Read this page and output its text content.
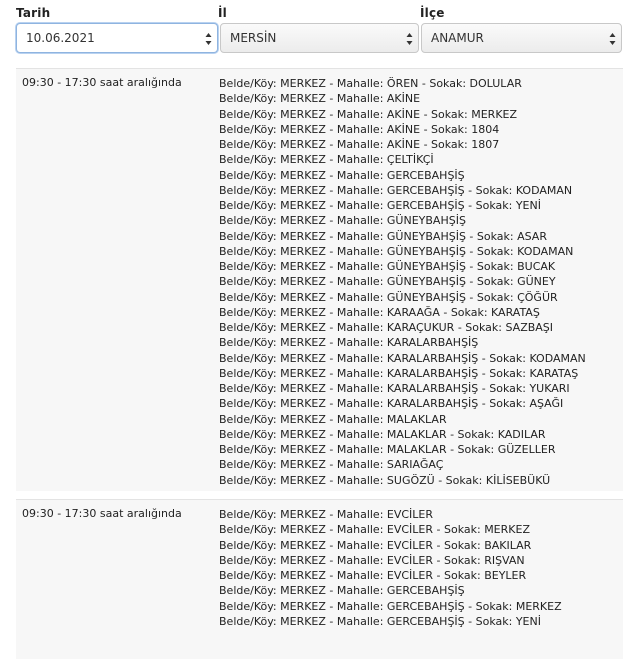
Tarih
10.06.2021
İl
MERSİN
İlçe
ANAMUR
09:30 - 17:30 saat aralığında	Belde/Köy: MERKEZ - Mahalle: ÖREN - Sokak: DOLULAR
Belde/Köy: MERKEZ - Mahalle: AKİNE
Belde/Köy: MERKEZ - Mahalle: AKİNE - Sokak: MERKEZ
Belde/Köy: MERKEZ - Mahalle: AKİNE - Sokak: 1804
Belde/Köy: MERKEZ - Mahalle: AKİNE - Sokak: 1807
Belde/Köy: MERKEZ - Mahalle: ÇELTİKÇİ
Belde/Köy: MERKEZ - Mahalle: GERCEBAHŞİŞ
Belde/Köy: MERKEZ - Mahalle: GERCEBAHŞİŞ - Sokak: KODAMAN
Belde/Köy: MERKEZ - Mahalle: GERCEBAHŞİŞ - Sokak: YENİ
Belde/Köy: MERKEZ - Mahalle: GÜNEYBAHŞİŞ
Belde/Köy: MERKEZ - Mahalle: GÜNEYBAHŞİŞ - Sokak: ASAR
Belde/Köy: MERKEZ - Mahalle: GÜNEYBAHŞİŞ - Sokak: KODAMAN
Belde/Köy: MERKEZ - Mahalle: GÜNEYBAHŞİŞ - Sokak: BUCAK
Belde/Köy: MERKEZ - Mahalle: GÜNEYBAHŞİŞ - Sokak: GÜNEY
Belde/Köy: MERKEZ - Mahalle: GÜNEYBAHŞİŞ - Sokak: ÇÖĞÜR
Belde/Köy: MERKEZ - Mahalle: KARAAĞA - Sokak: KARATAŞ
Belde/Köy: MERKEZ - Mahalle: KARAÇUKUR - Sokak: SAZBAŞI
Belde/Köy: MERKEZ - Mahalle: KARALARBAHŞİŞ
Belde/Köy: MERKEZ - Mahalle: KARALARBAHŞİŞ - Sokak: KODAMAN
Belde/Köy: MERKEZ - Mahalle: KARALARBAHŞİŞ - Sokak: KARATAŞ
Belde/Köy: MERKEZ - Mahalle: KARALARBAHŞİŞ - Sokak: YUKARI
Belde/Köy: MERKEZ - Mahalle: KARALARBAHŞİŞ - Sokak: AŞAĞI
Belde/Köy: MERKEZ - Mahalle: MALAKLAR
Belde/Köy: MERKEZ - Mahalle: MALAKLAR - Sokak: KADILAR
Belde/Köy: MERKEZ - Mahalle: MALAKLAR - Sokak: GÜZELLER
Belde/Köy: MERKEZ - Mahalle: SARIAĞAÇ
Belde/Köy: MERKEZ - Mahalle: SUGÖZÜ - Sokak: KİLİSEBÜKÜ
09:30 - 17:30 saat aralığında	Belde/Köy: MERKEZ - Mahalle: EVCİLER
Belde/Köy: MERKEZ - Mahalle: EVCİLER - Sokak: MERKEZ
Belde/Köy: MERKEZ - Mahalle: EVCİLER - Sokak: BAKILAR
Belde/Köy: MERKEZ - Mahalle: EVCİLER - Sokak: RIŞVAN
Belde/Köy: MERKEZ - Mahalle: EVCİLER - Sokak: BEYLER
Belde/Köy: MERKEZ - Mahalle: GERCEBAHŞİŞ
Belde/Köy: MERKEZ - Mahalle: GERCEBAHŞİŞ - Sokak: MERKEZ
Belde/Köy: MERKEZ - Mahalle: GERCEBAHŞİŞ - Sokak: YENİ
